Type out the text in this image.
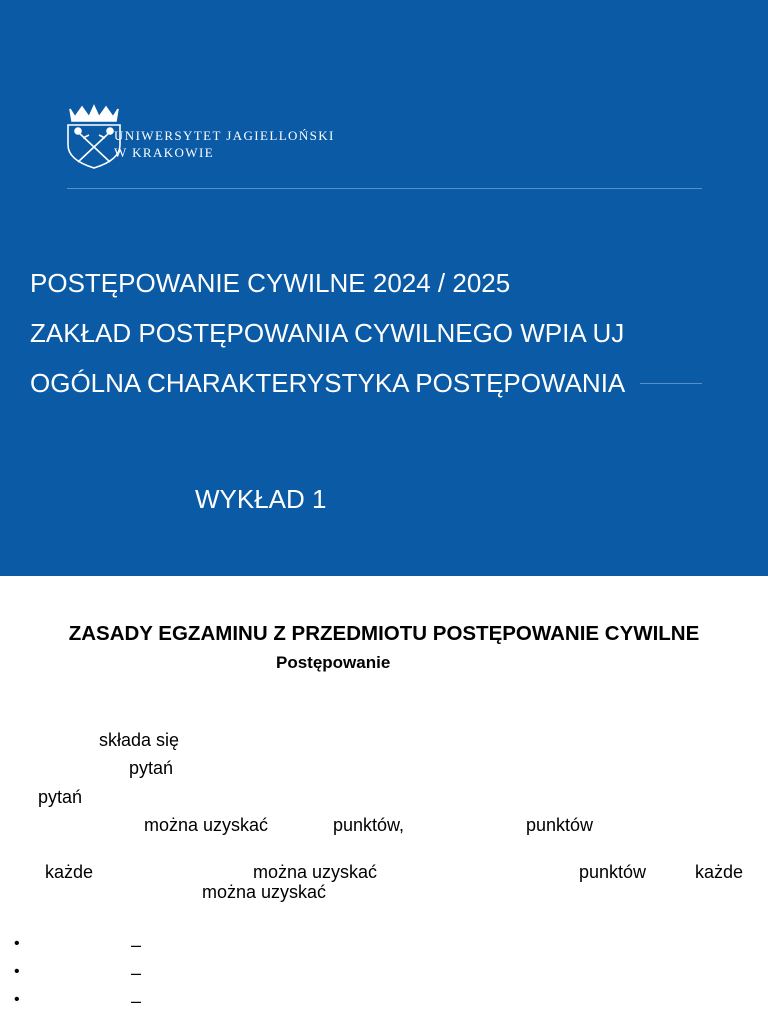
UNIWERSYTET JAGIELLOŃSKI
W KRAKOWIE
POSTĘPOWANIE CYWILNE 2024 / 2025
ZAKŁAD POSTĘPOWANIA CYWILNEGO WPIA UJ
OGÓLNA CHARAKTERYSTYKA POSTĘPOWANIA
WYKŁAD 1
ZASADY EGZAMINU Z PRZEDMIOTU POSTĘPOWANIE CYWILNE
Postępowanie
składa się
pytań
pytań
można uzyskać	punktów,	punktów
każde	można uzyskać	punktów	każde
można uzyskać
•	–
•	–
•	–
